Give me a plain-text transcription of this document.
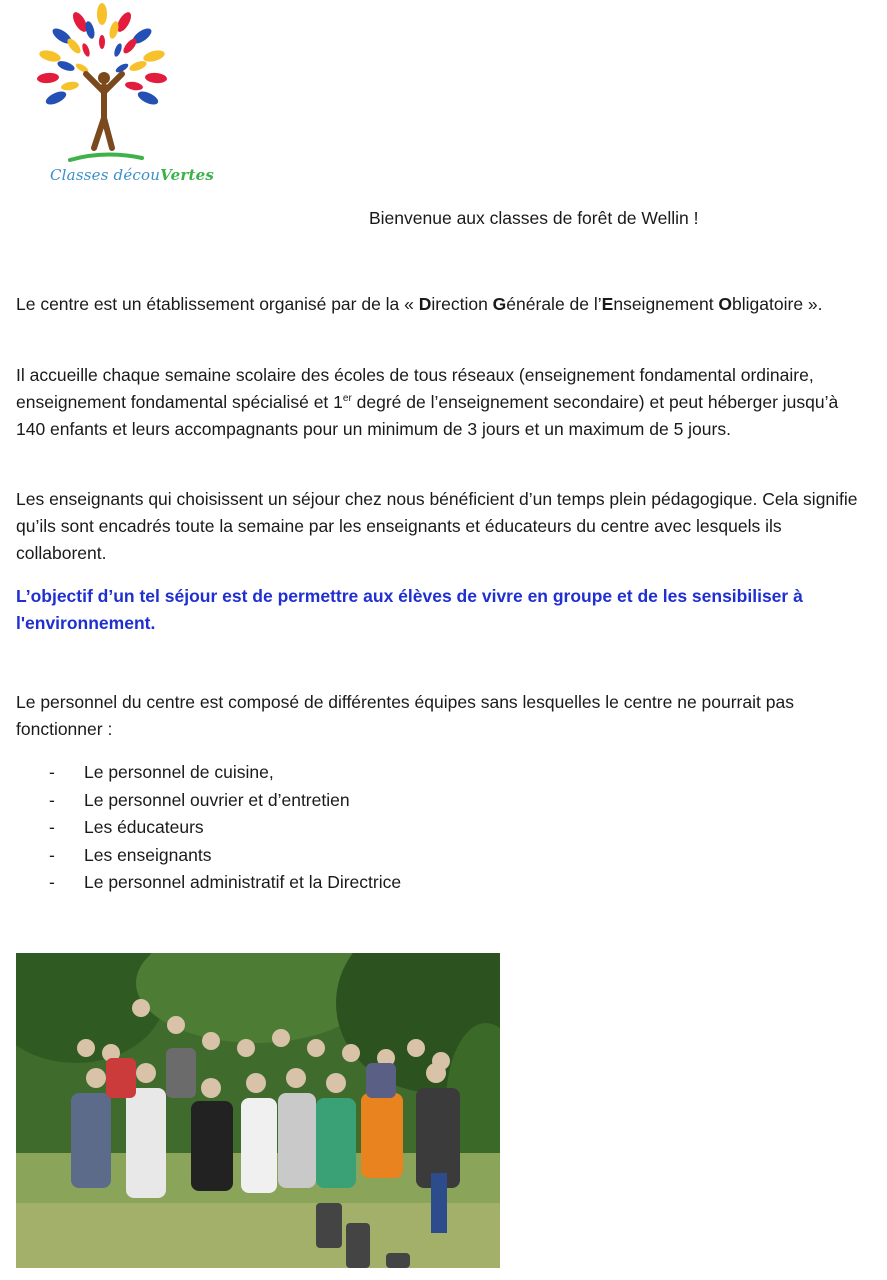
Classes découVertes
Bienvenue aux classes de forêt de Wellin !

Le centre est un établissement organisé par de la « Direction Générale de l’Enseignement Obligatoire ».

Il accueille chaque semaine scolaire des écoles de tous réseaux (enseignement fondamental ordinaire, enseignement fondamental spécialisé et 1er degré de l’enseignement secondaire) et peut héberger jusqu’à 140 enfants et leurs accompagnants pour un minimum de 3 jours et un maximum de 5 jours.

Les enseignants qui choisissent un séjour chez nous bénéficient d’un temps plein pédagogique. Cela signifie qu’ils sont encadrés toute la semaine par les enseignants et éducateurs du centre avec lesquels ils collaborent.

L’objectif d’un tel séjour est de permettre aux élèves de vivre en groupe et de les sensibiliser à l'environnement.

Le personnel du centre est composé de différentes équipes sans lesquelles le centre ne pourrait pas fonctionner :

- Le personnel de cuisine,
- Le personnel ouvrier et d’entretien
- Les éducateurs
- Les enseignants
- Le personnel administratif et la Directrice
